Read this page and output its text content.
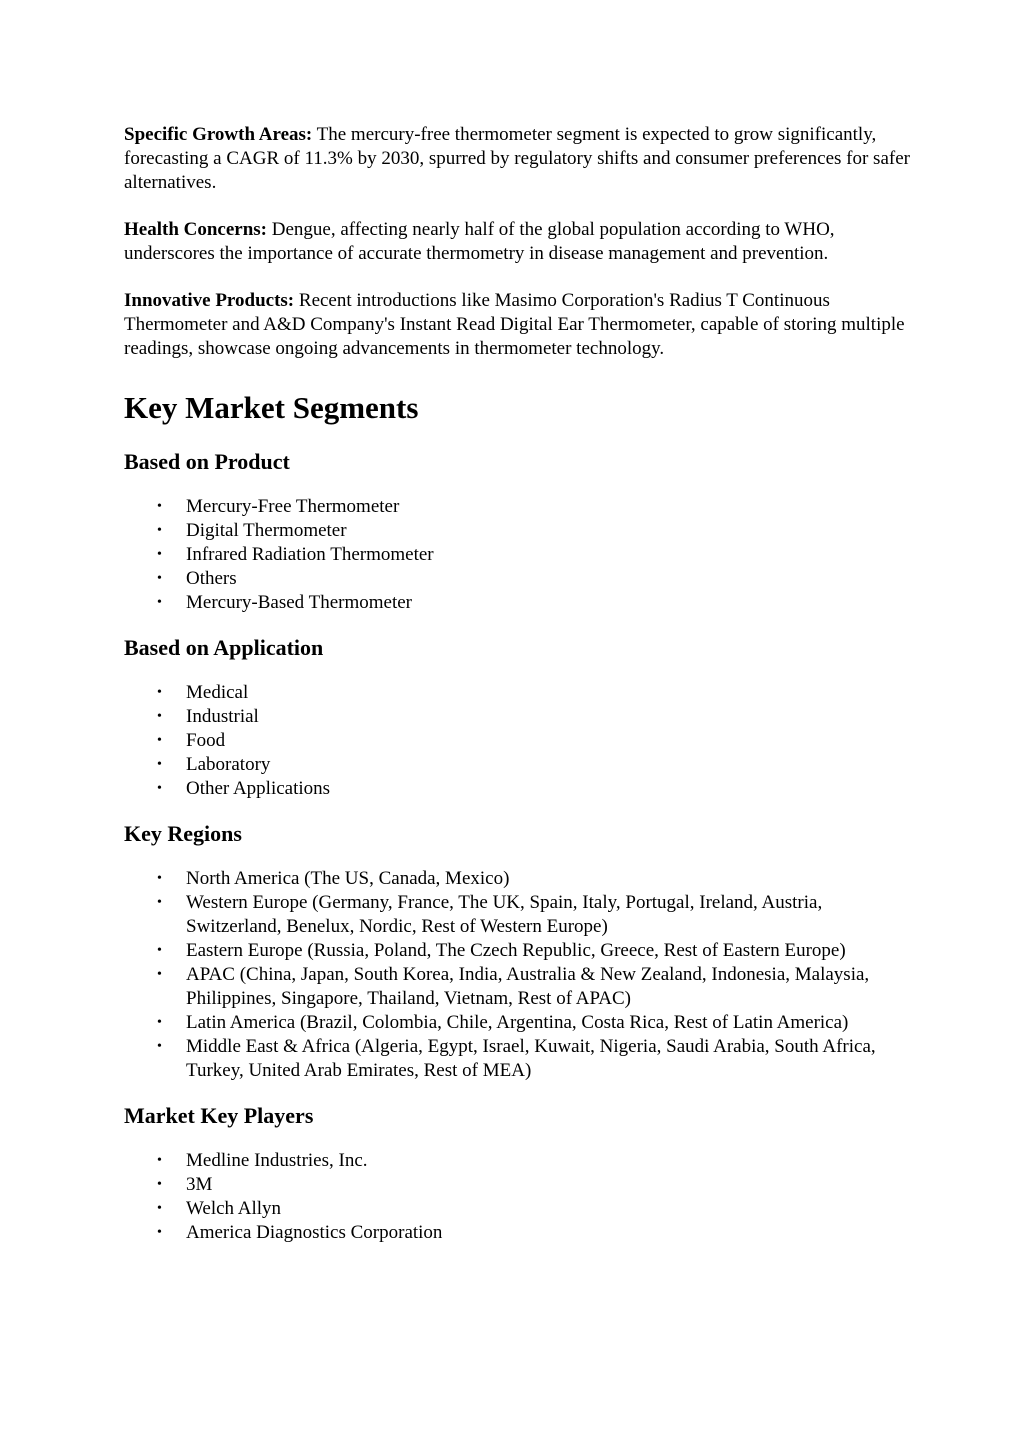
Specific Growth Areas: The mercury-free thermometer segment is expected to grow significantly, forecasting a CAGR of 11.3% by 2030, spurred by regulatory shifts and consumer preferences for safer alternatives.

Health Concerns: Dengue, affecting nearly half of the global population according to WHO, underscores the importance of accurate thermometry in disease management and prevention.

Innovative Products: Recent introductions like Masimo Corporation's Radius T Continuous Thermometer and A&D Company's Instant Read Digital Ear Thermometer, capable of storing multiple readings, showcase ongoing advancements in thermometer technology.

Key Market Segments
Based on Product
• Mercury-Free Thermometer
• Digital Thermometer
• Infrared Radiation Thermometer
• Others
• Mercury-Based Thermometer
Based on Application
• Medical
• Industrial
• Food
• Laboratory
• Other Applications
Key Regions
• North America (The US, Canada, Mexico)
• Western Europe (Germany, France, The UK, Spain, Italy, Portugal, Ireland, Austria, Switzerland, Benelux, Nordic, Rest of Western Europe)
• Eastern Europe (Russia, Poland, The Czech Republic, Greece, Rest of Eastern Europe)
• APAC (China, Japan, South Korea, India, Australia & New Zealand, Indonesia, Malaysia, Philippines, Singapore, Thailand, Vietnam, Rest of APAC)
• Latin America (Brazil, Colombia, Chile, Argentina, Costa Rica, Rest of Latin America)
• Middle East & Africa (Algeria, Egypt, Israel, Kuwait, Nigeria, Saudi Arabia, South Africa, Turkey, United Arab Emirates, Rest of MEA)
Market Key Players
• Medline Industries, Inc.
• 3M
• Welch Allyn
• America Diagnostics Corporation
